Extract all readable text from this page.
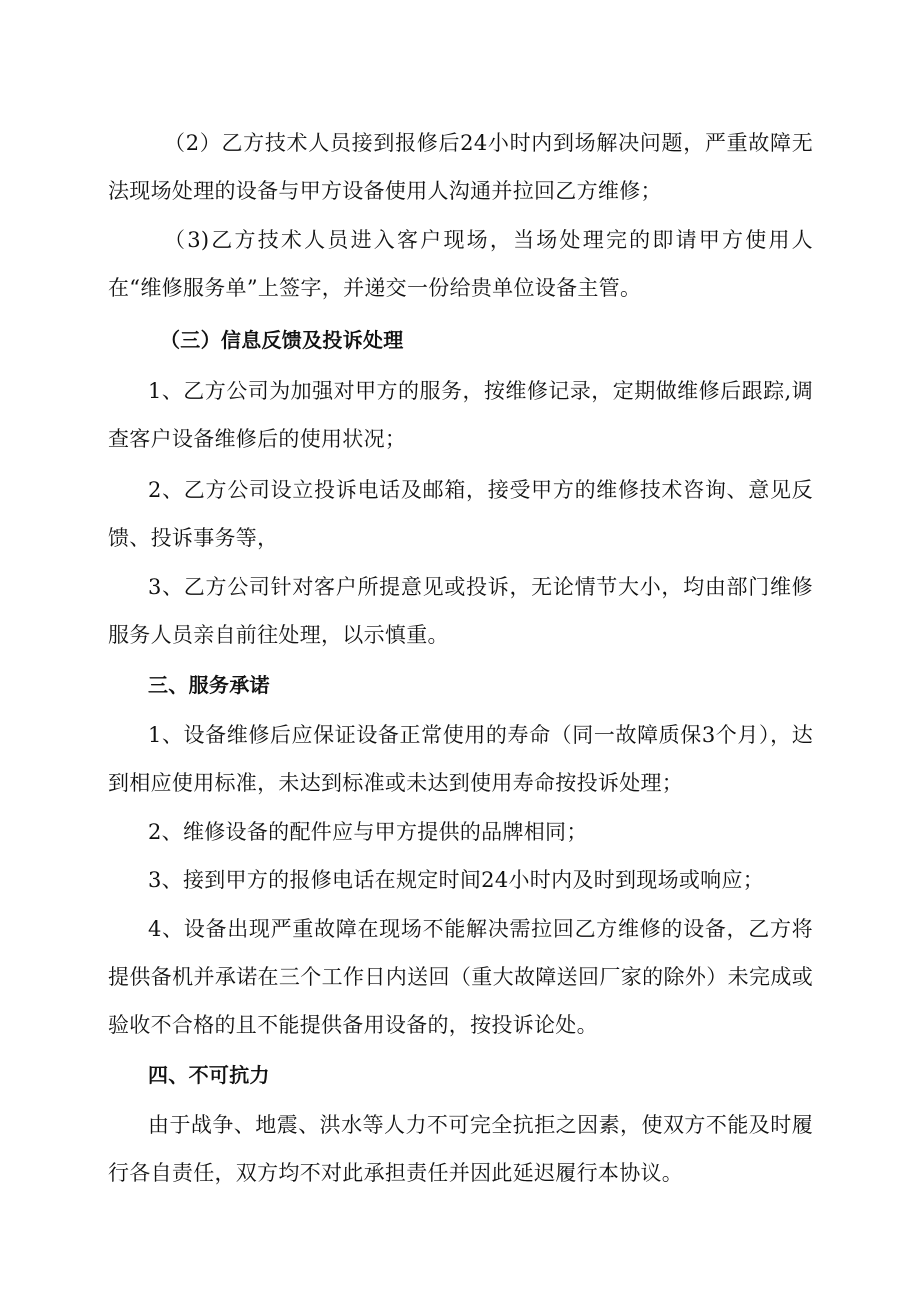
（2）乙方技术人员接到报修后24小时内到场解决问题，严重故障无法现场处理的设备与甲方设备使用人沟通并拉回乙方维修；

（3)乙方技术人员进入客户现场，当场处理完的即请甲方使用人在“维修服务单”上签字，并递交一份给贵单位设备主管。

（三）信息反馈及投诉处理

1、乙方公司为加强对甲方的服务，按维修记录，定期做维修后跟踪,调查客户设备维修后的使用状况；

2、乙方公司设立投诉电话及邮箱，接受甲方的维修技术咨询、意见反馈、投诉事务等，

3、乙方公司针对客户所提意见或投诉，无论情节大小，均由部门维修服务人员亲自前往处理，以示慎重。

三、服务承诺

1、设备维修后应保证设备正常使用的寿命（同一故障质保3个月），达到相应使用标准，未达到标准或未达到使用寿命按投诉处理；

2、维修设备的配件应与甲方提供的品牌相同；

3、接到甲方的报修电话在规定时间24小时内及时到现场或响应；

4、设备出现严重故障在现场不能解决需拉回乙方维修的设备，乙方将提供备机并承诺在三个工作日内送回（重大故障送回厂家的除外）未完成或验收不合格的且不能提供备用设备的，按投诉论处。

四、不可抗力

由于战争、地震、洪水等人力不可完全抗拒之因素，使双方不能及时履行各自责任，双方均不对此承担责任并因此延迟履行本协议。
